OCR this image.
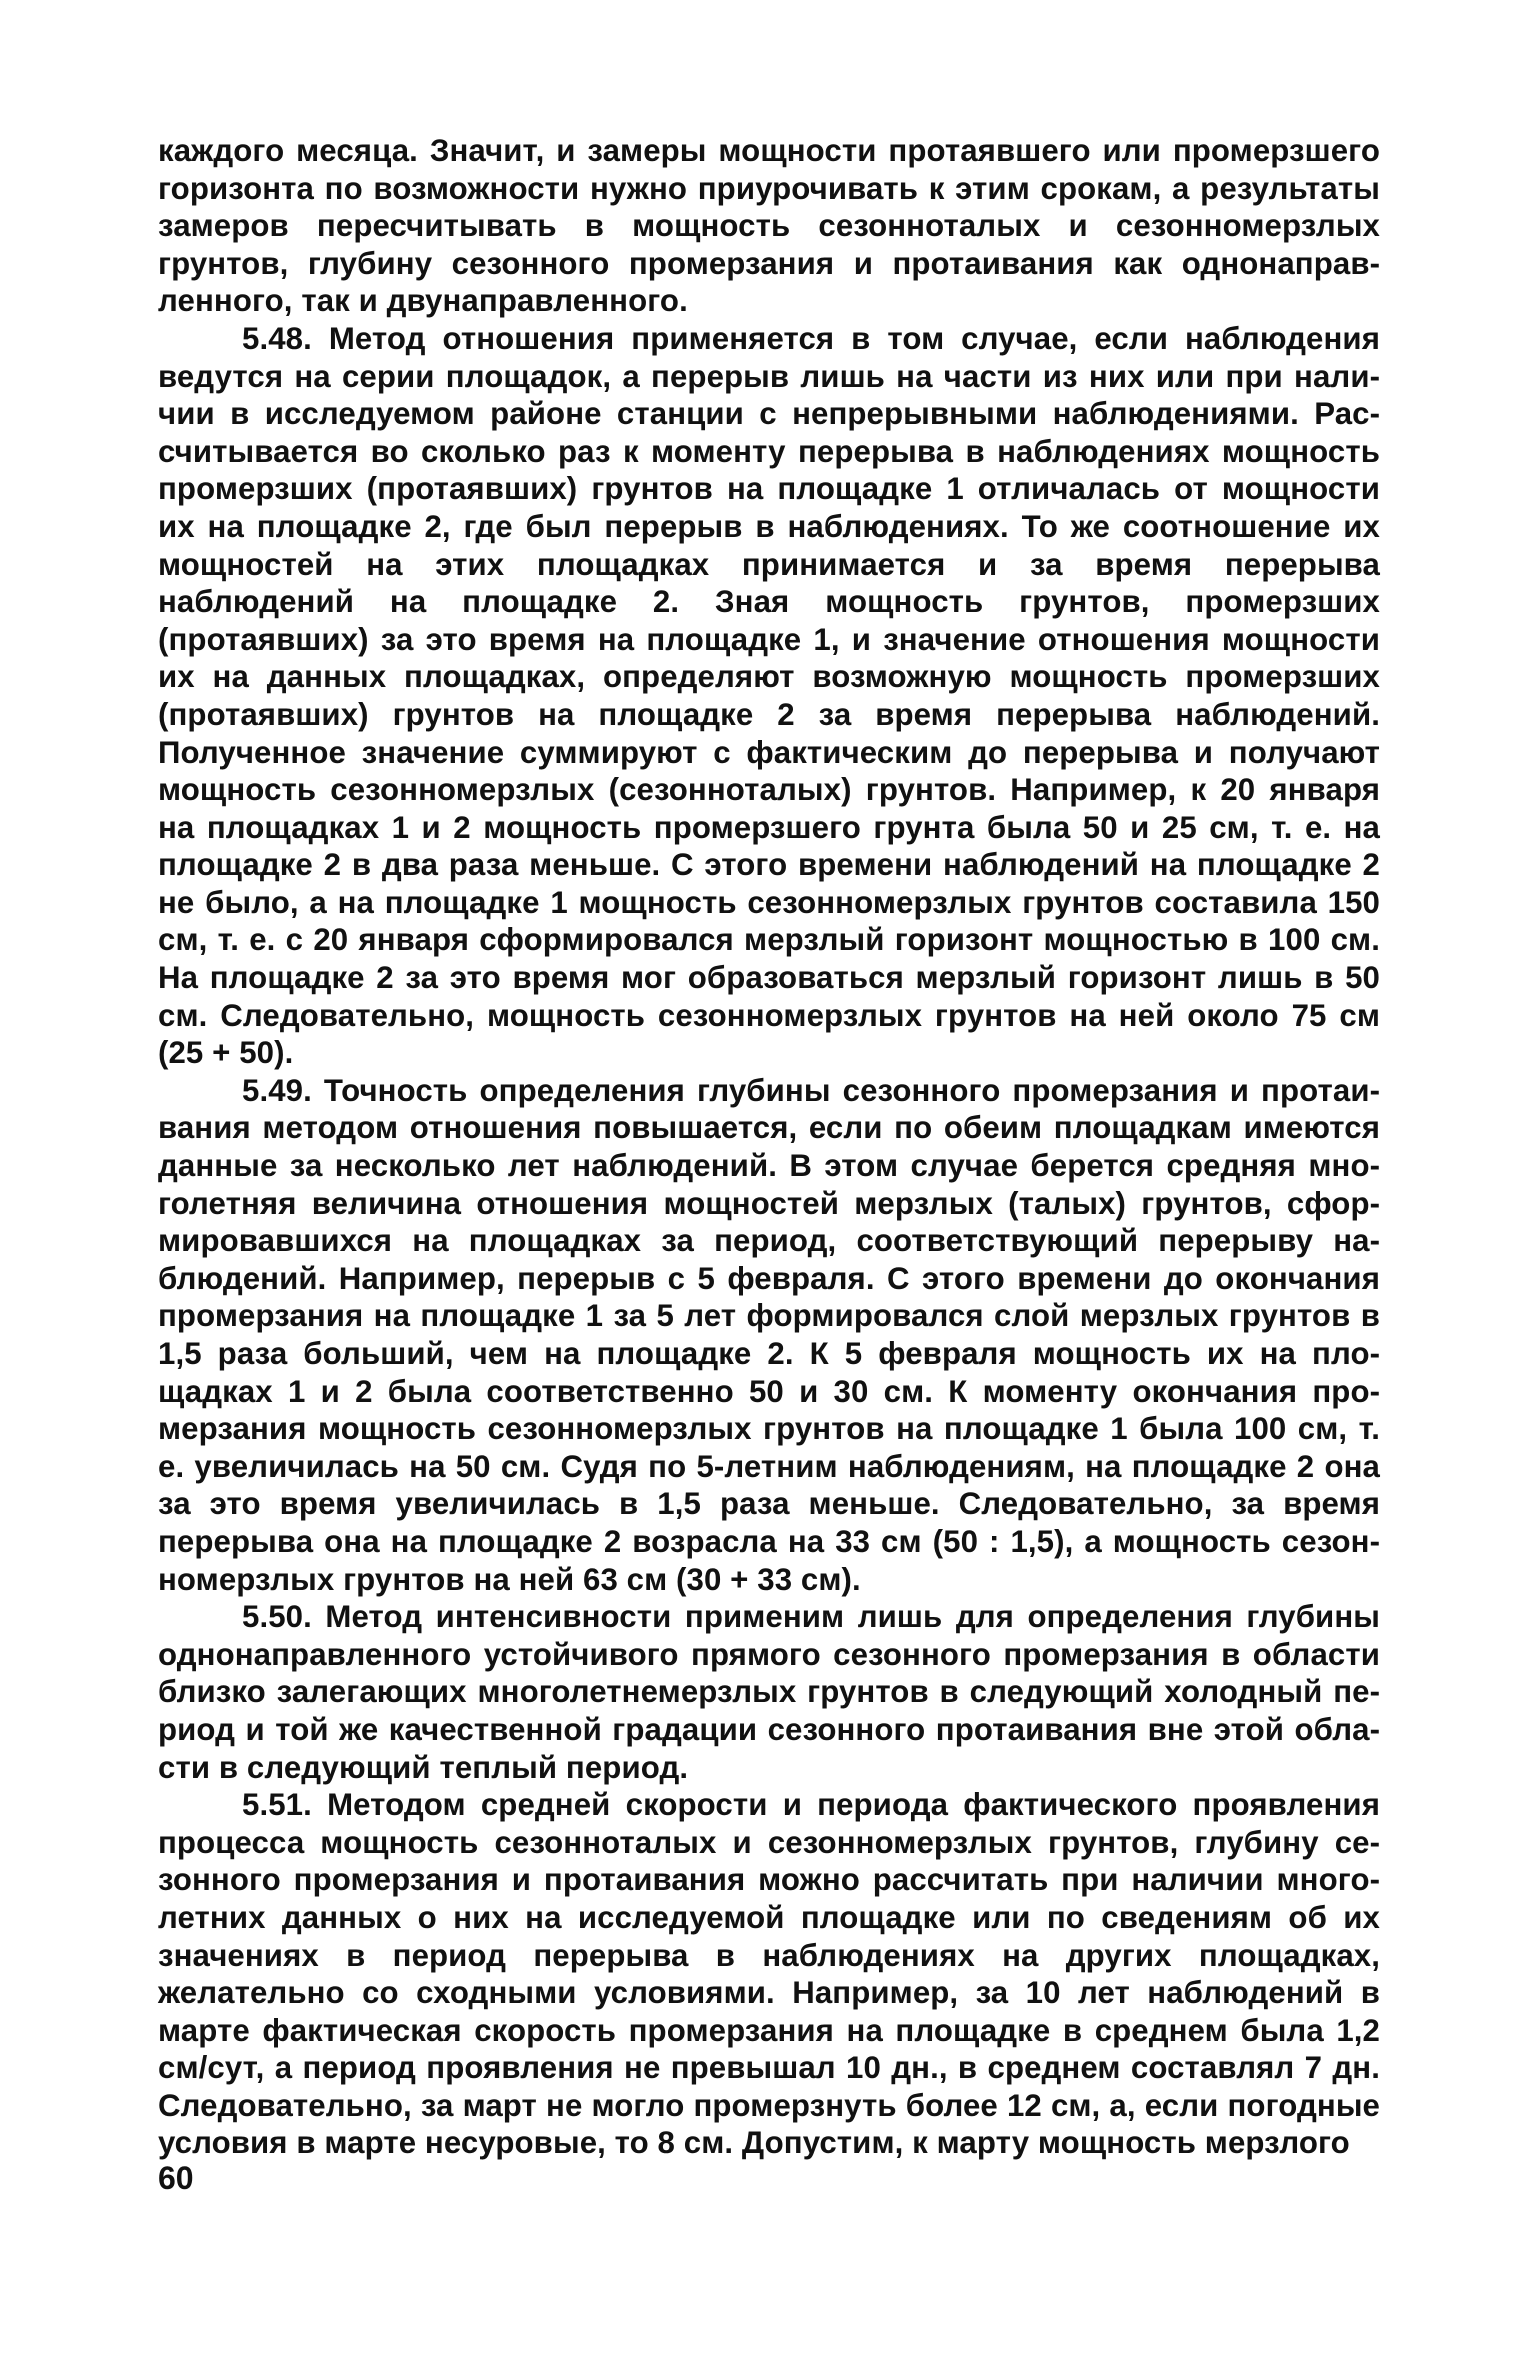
каждого месяца. Значит, и замеры мощности протаявшего или промерзшего горизонта по возможности нужно приурочивать к этим срокам, а результаты замеров пересчитывать в мощность сезонноталых и сезонномерзлых грунтов, глубину сезонного промерзания и протаивания как однонаправленного, так и двунаправленного.

5.48. Метод отношения применяется в том случае, если наблюдения ведутся на серии площадок, а перерыв лишь на части из них или при наличии в исследуемом районе станции с непрерывными наблюдениями. Рассчитывается во сколько раз к моменту перерыва в наблюдениях мощность промерзших (протаявших) грунтов на площадке 1 отличалась от мощности их на площадке 2, где был перерыв в наблюдениях. То же соотношение их мощностей на этих площадках принимается и за время перерыва наблюдений на площадке 2. Зная мощность грунтов, промерзших (протаявших) за это время на площадке 1, и значение отношения мощности их на данных площадках, определяют возможную мощность промерзших (протаявших) грунтов на площадке 2 за время перерыва наблюдений. Полученное значение суммируют с фактическим до перерыва и получают мощность сезонномерзлых (сезонноталых) грунтов. Например, к 20 января на площадках 1 и 2 мощность промерзшего грунта была 50 и 25 см, т. е. на площадке 2 в два раза меньше. С этого времени наблюдений на площадке 2 не было, а на площадке 1 мощность сезонномерзлых грунтов составила 150 см, т. е. с 20 января сформировался мерзлый горизонт мощностью в 100 см. На площадке 2 за это время мог образоваться мерзлый горизонт лишь в 50 см. Следовательно, мощность сезонномерзлых грунтов на ней около 75 см (25 + 50).

5.49. Точность определения глубины сезонного промерзания и протаивания методом отношения повышается, если по обеим площадкам имеются данные за несколько лет наблюдений. В этом случае берется средняя многолетняя величина отношения мощностей мерзлых (талых) грунтов, сформировавшихся на площадках за период, соответствующий перерыву наблюдений. Например, перерыв с 5 февраля. С этого времени до окончания промерзания на площадке 1 за 5 лет формировался слой мерзлых грунтов в 1,5 раза больший, чем на площадке 2. К 5 февраля мощность их на площадках 1 и 2 была соответственно 50 и 30 см. К моменту окончания промерзания мощность сезонномерзлых грунтов на площадке 1 была 100 см, т. е. увеличилась на 50 см. Судя по 5-летним наблюдениям, на площадке 2 она за это время увеличилась в 1,5 раза меньше. Следовательно, за время перерыва она на площадке 2 возрасла на 33 см (50 : 1,5), а мощность сезонномерзлых грунтов на ней 63 см (30 + 33 см).

5.50. Метод интенсивности применим лишь для определения глубины однонаправленного устойчивого прямого сезонного промерзания в области близко залегающих многолетнемерзлых грунтов в следующий холодный период и той же качественной градации сезонного протаивания вне этой области в следующий теплый период.

5.51. Методом средней скорости и периода фактического проявления процесса мощность сезонноталых и сезонномерзлых грунтов, глубину сезонного промерзания и протаивания можно рассчитать при наличии многолетних данных о них на исследуемой площадке или по сведениям об их значениях в период перерыва в наблюдениях на других площадках, желательно со сходными условиями. Например, за 10 лет наблюдений в марте фактическая скорость промерзания на площадке в среднем была 1,2 см/сут, а период проявления не превышал 10 дн., в среднем составлял 7 дн. Следовательно, за март не могло промерзнуть более 12 см, а, если погодные условия в марте несуровые, то 8 см. Допустим, к марту мощность мерзлого

60
